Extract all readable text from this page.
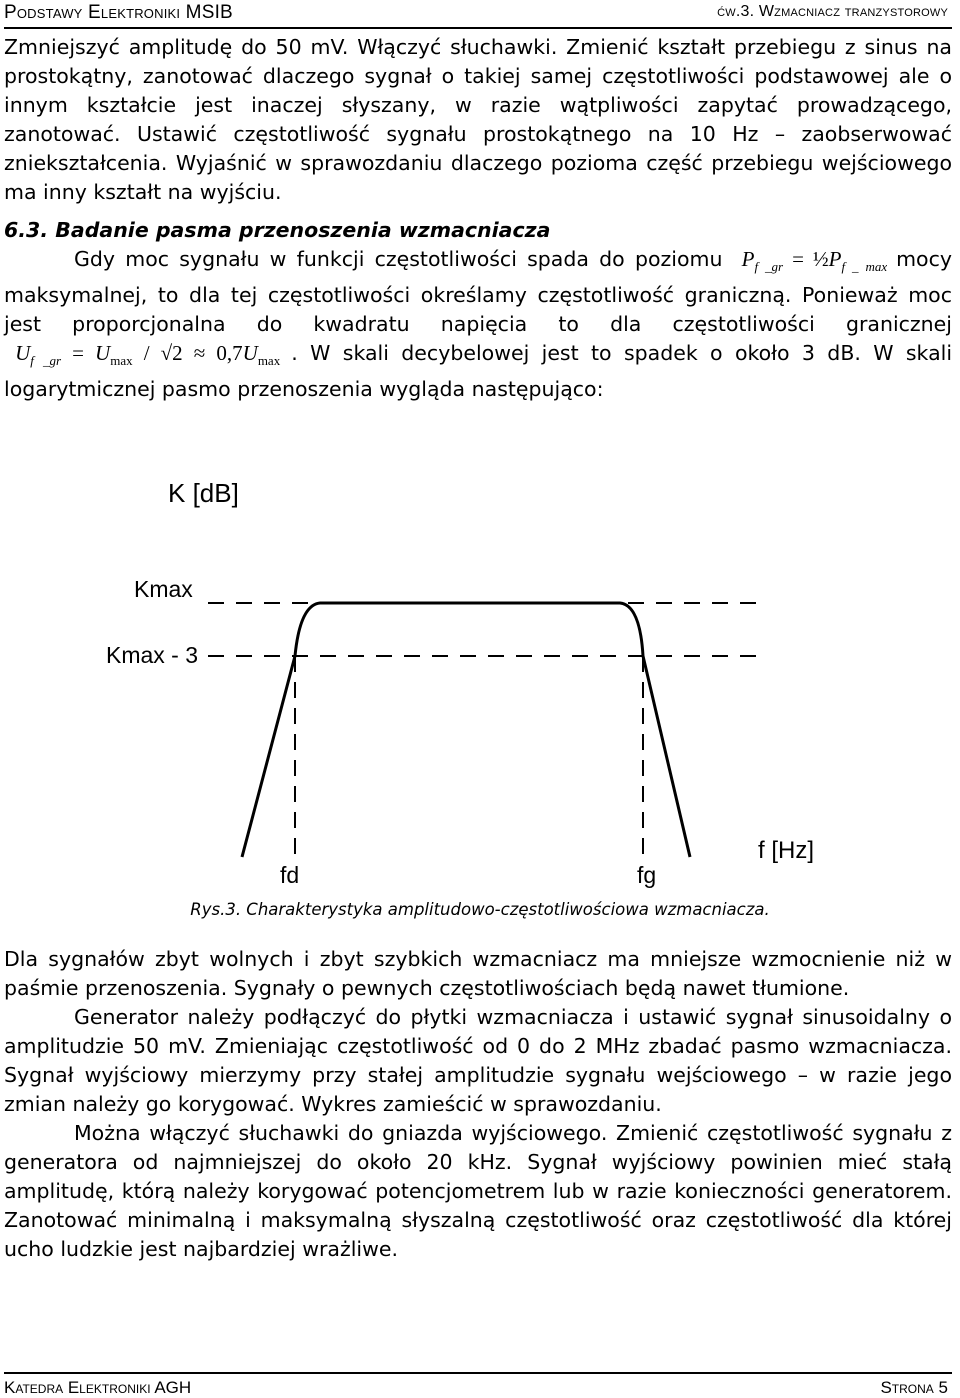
Podstawy Elektroniki MSIB	ćw.3. Wzmacniacz tranzystorowy

Zmniejszyć amplitudę do 50 mV. Włączyć słuchawki. Zmienić kształt przebiegu z sinus na prostokątny, zanotować dlaczego sygnał o takiej samej częstotliwości podstawowej ale o innym kształcie jest inaczej słyszany, w razie wątpliwości zapytać prowadzącego, zanotować. Ustawić częstotliwość sygnału prostokątnego na 10 Hz – zaobserwować zniekształcenia. Wyjaśnić w sprawozdaniu dlaczego pozioma część przebiegu wejściowego ma inny kształt na wyjściu.

6.3. Badanie pasma przenoszenia wzmacniacza

Gdy moc sygnału w funkcji częstotliwości spada do poziomu  $P_{f \_gr}$ = $\frac{1}{2}P_{f \_ max}$ mocy maksymalnej, to dla tej częstotliwości określamy częstotliwość graniczną. Ponieważ moc jest proporcjonalna do kwadratu napięcia to dla częstotliwości granicznej  $U_{f \_gr} = U_{max} / √2 \approx 0,7U_{max}$ . W skali decybelowej jest to spadek o około 3 dB. W skali logarytmicznej pasmo przenoszenia wygląda następująco:

K [dB]
Kmax
Kmax - 3
f [Hz]
fd	fg
Rys.3. Charakterystyka amplitudowo-częstotliwościowa wzmacniacza.

Dla sygnałów zbyt wolnych i zbyt szybkich wzmacniacz ma mniejsze wzmocnienie niż w paśmie przenoszenia. Sygnały o pewnych częstotliwościach będą nawet tłumione.

Generator należy podłączyć do płytki wzmacniacza i ustawić sygnał sinusoidalny o amplitudzie 50 mV. Zmieniając częstotliwość od 0 do 2 MHz zbadać pasmo wzmacniacza. Sygnał wyjściowy mierzymy przy stałej amplitudzie sygnału wejściowego – w razie jego zmian należy go korygować. Wykres zamieścić w sprawozdaniu.

Można włączyć słuchawki do gniazda wyjściowego. Zmienić częstotliwość sygnału z generatora od najmniejszej do około 20 kHz. Sygnał wyjściowy powinien mieć stałą amplitudę, którą należy korygować potencjometrem lub w razie konieczności generatorem. Zanotować minimalną i maksymalną słyszalną częstotliwość oraz częstotliwość dla której ucho ludzkie jest najbardziej wrażliwe.

Katedra Elektroniki AGH	Strona 5
